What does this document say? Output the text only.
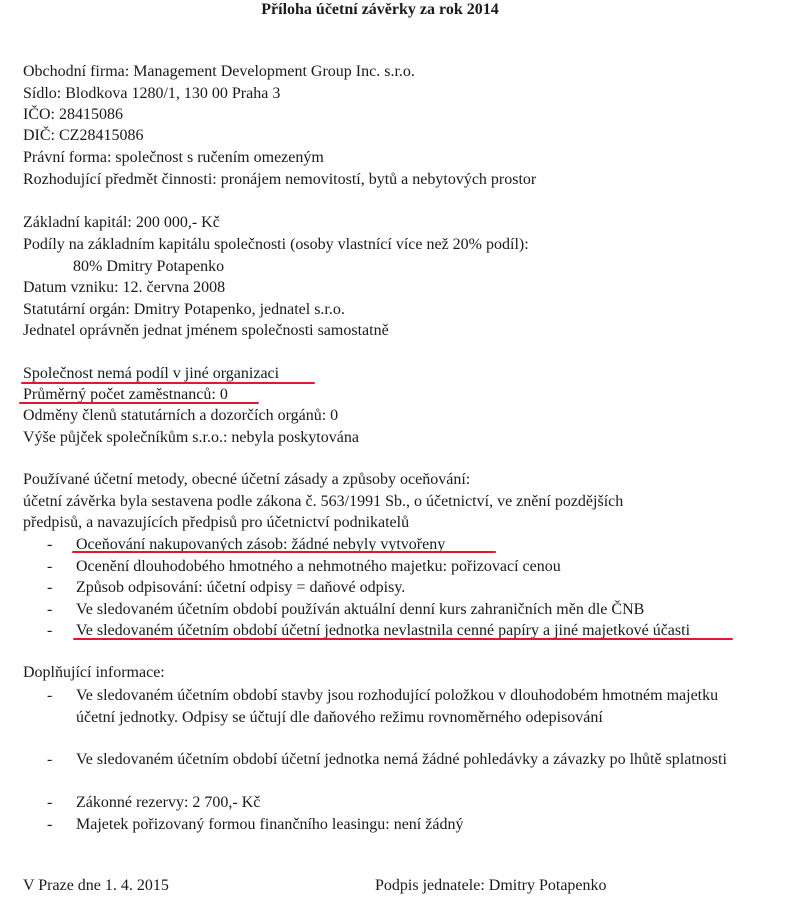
Příloha účetní závěrky za rok 2014
Obchodní firma: Management Development Group Inc. s.r.o.
Sídlo: Blodkova 1280/1, 130 00 Praha 3
IČO: 28415086
DIČ: CZ28415086
Právní forma: společnost s ručením omezeným
Rozhodující předmět činnosti: pronájem nemovitostí, bytů a nebytových prostor
Základní kapitál: 200 000,- Kč
Podíly na základním kapitálu společnosti (osoby vlastnící více než 20% podíl):
80% Dmitry Potapenko
Datum vzniku: 12. června 2008
Statutární orgán: Dmitry Potapenko, jednatel s.r.o.
Jednatel oprávněn jednat jménem společnosti samostatně
Společnost nemá podíl v jiné organizaci
Průměrný počet zaměstnanců: 0
Odměny členů statutárních a dozorčích orgánů: 0
Výše půjček společníkům s.r.o.: nebyla poskytována
Používané účetní metody, obecné účetní zásady a způsoby oceňování:
účetní závěrka byla sestavena podle zákona č. 563/1991 Sb., o účetnictví, ve znění pozdějších
předpisů, a navazujících předpisů pro účetnictví podnikatelů
- Oceňování nakupovaných zásob: žádné nebyly vytvořeny
- Ocenění dlouhodobého hmotného a nehmotného majetku: pořizovací cenou
- Způsob odpisování: účetní odpisy = daňové odpisy.
- Ve sledovaném účetním období používán aktuální denní kurs zahraničních měn dle ČNB
- Ve sledovaném účetním období účetní jednotka nevlastnila cenné papíry a jiné majetkové účasti
Doplňující informace:
- Ve sledovaném účetním období stavby jsou rozhodující položkou v dlouhodobém hmotném majetku účetní jednotky. Odpisy se účtují dle daňového režimu rovnoměrného odepisování
- Ve sledovaném účetním období účetní jednotka nemá žádné pohledávky a závazky po lhůtě splatnosti
- Zákonné rezervy: 2 700,- Kč
- Majetek pořizovaný formou finančního leasingu: není žádný
V Praze dne 1. 4. 2015	Podpis jednatele: Dmitry Potapenko
